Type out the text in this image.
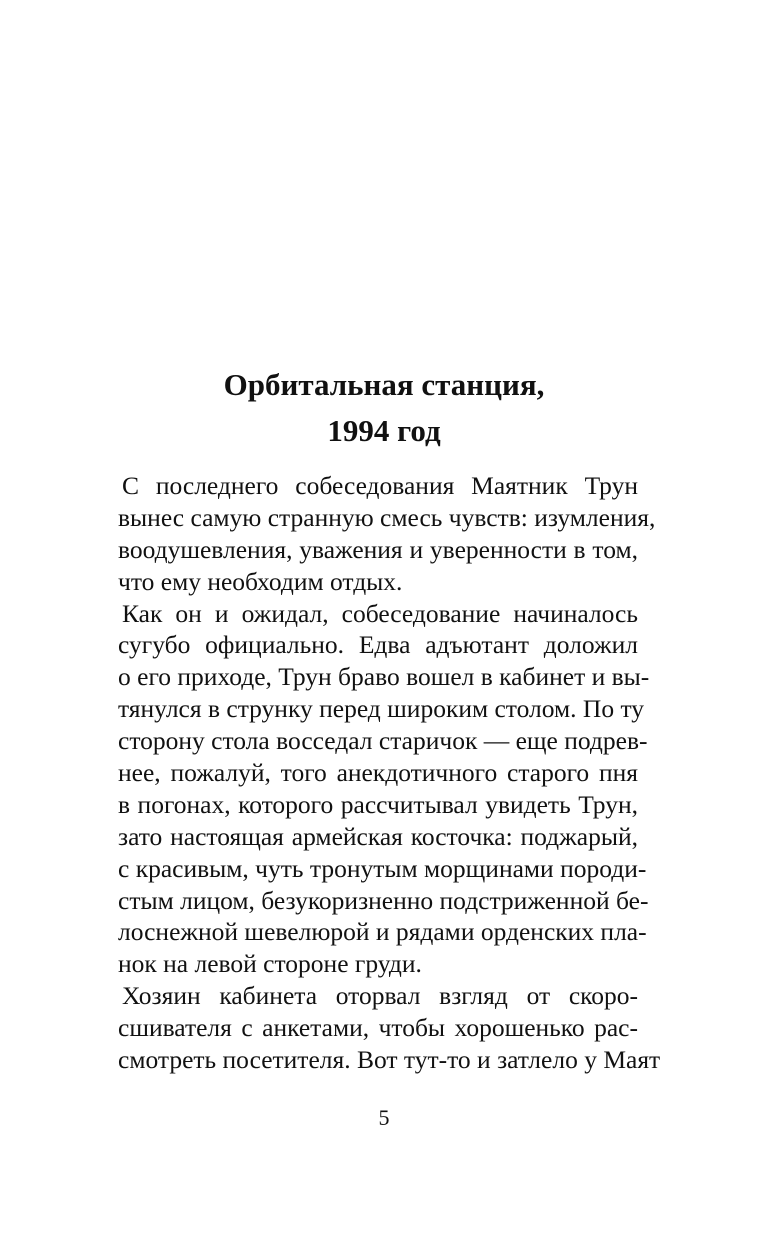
Орбитальная станция,
1994 год
С последнего собеседования Маятник Трун
вынес самую странную смесь чувств: изумления,
воодушевления, уважения и уверенности в том,
что ему необходим отдых.
Как он и ожидал, собеседование начиналось
сугубо официально. Едва адъютант доложил
о его приходе, Трун браво вошел в кабинет и вы-
тянулся в струнку перед широким столом. По ту
сторону стола восседал старичок — еще подрев-
нее, пожалуй, того анекдотичного старого пня
в погонах, которого рассчитывал увидеть Трун,
зато настоящая армейская косточка: поджарый,
с красивым, чуть тронутым морщинами породи-
стым лицом, безукоризненно подстриженной бе-
лоснежной шевелюрой и рядами орденских пла-
нок на левой стороне груди.
Хозяин кабинета оторвал взгляд от скоро-
сшивателя с анкетами, чтобы хорошенько рас-
смотреть посетителя. Вот тут-то и затлело у Маят
5
